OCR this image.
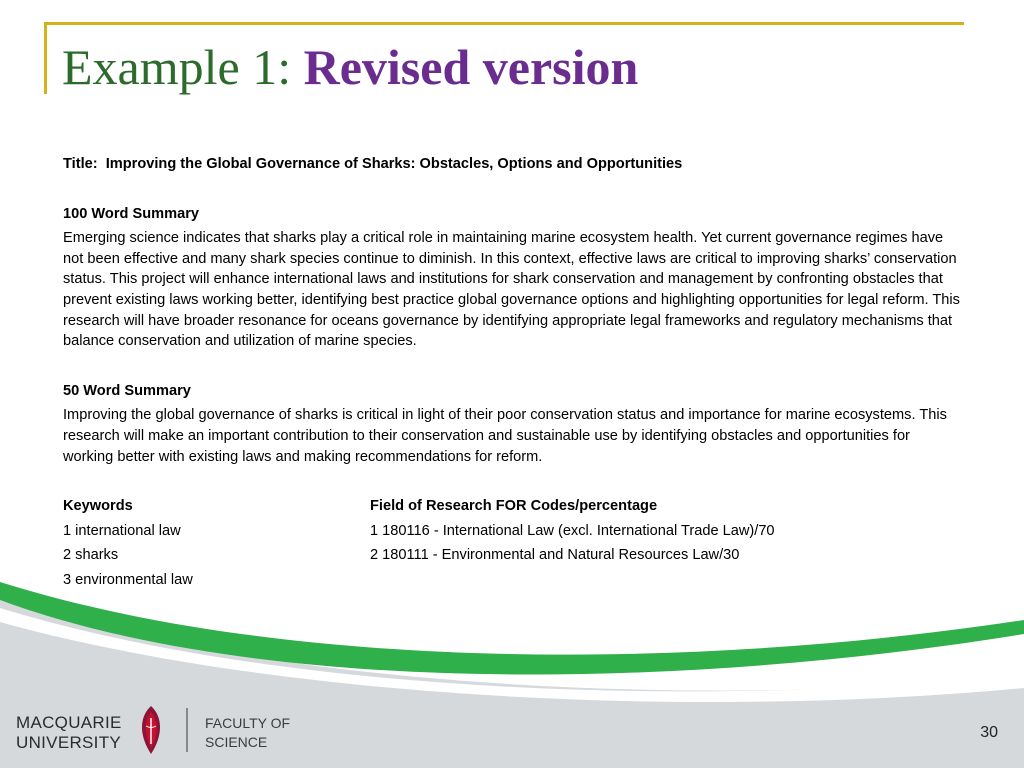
Example 1: Revised version

Title: Improving the Global Governance of Sharks: Obstacles, Options and Opportunities

100 Word Summary

Emerging science indicates that sharks play a critical role in maintaining marine ecosystem health. Yet current governance regimes have not been effective and many shark species continue to diminish. In this context, effective laws are critical to improving sharks’ conservation status. This project will enhance international laws and institutions for shark conservation and management by confronting obstacles that prevent existing laws working better, identifying best practice global governance options and highlighting opportunities for legal reform. This research will have broader resonance for oceans governance by identifying appropriate legal frameworks and regulatory mechanisms that balance conservation and utilization of marine species.

50 Word Summary

Improving the global governance of sharks is critical in light of their poor conservation status and importance for marine ecosystems. This research will make an important contribution to their conservation and sustainable use by identifying obstacles and opportunities for working better with existing laws and making recommendations for reform.

Keywords	Field of Research FOR Codes/percentage
1 international law	1 180116 - International Law (excl. International Trade Law)/70
2 sharks	2 180111 - Environmental and Natural Resources Law/30
3 environmental law
MACQUARIE
UNIVERSITY
FACULTY OF
SCIENCE
30
